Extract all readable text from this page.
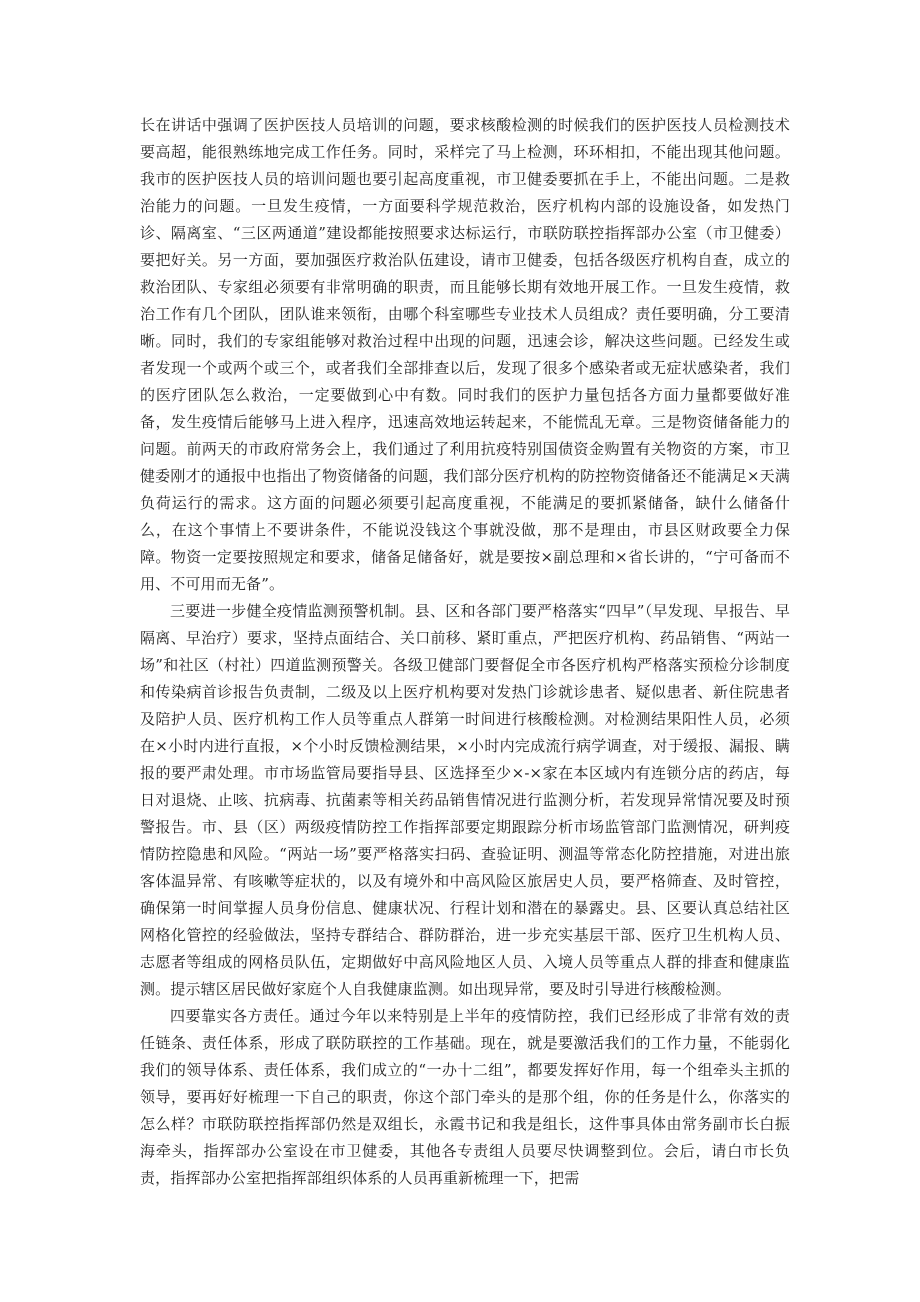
长在讲话中强调了医护医技人员培训的问题，要求核酸检测的时候我们的医护医技人员检测技术要高超，能很熟练地完成工作任务。同时，采样完了马上检测，环环相扣，不能出现其他问题。我市的医护医技人员的培训问题也要引起高度重视，市卫健委要抓在手上，不能出问题。二是救治能力的问题。一旦发生疫情，一方面要科学规范救治，医疗机构内部的设施设备，如发热门诊、隔离室、“三区两通道”建设都能按照要求达标运行，市联防联控指挥部办公室（市卫健委）要把好关。另一方面，要加强医疗救治队伍建设，请市卫健委，包括各级医疗机构自查，成立的救治团队、专家组必须要有非常明确的职责，而且能够长期有效地开展工作。一旦发生疫情，救治工作有几个团队，团队谁来领衔，由哪个科室哪些专业技术人员组成？责任要明确，分工要清晰。同时，我们的专家组能够对救治过程中出现的问题，迅速会诊，解决这些问题。已经发生或者发现一个或两个或三个，或者我们全部排查以后，发现了很多个感染者或无症状感染者，我们的医疗团队怎么救治，一定要做到心中有数。同时我们的医护力量包括各方面力量都要做好准备，发生疫情后能够马上进入程序，迅速高效地运转起来，不能慌乱无章。三是物资储备能力的问题。前两天的市政府常务会上，我们通过了利用抗疫特别国债资金购置有关物资的方案，市卫健委刚才的通报中也指出了物资储备的问题，我们部分医疗机构的防控物资储备还不能满足×天满负荷运行的需求。这方面的问题必须要引起高度重视，不能满足的要抓紧储备，缺什么储备什么，在这个事情上不要讲条件，不能说没钱这个事就没做，那不是理由，市县区财政要全力保障。物资一定要按照规定和要求，储备足储备好，就是要按×副总理和×省长讲的，“宁可备而不用、不可用而无备”。

三要进一步健全疫情监测预警机制。县、区和各部门要严格落实“四早”（早发现、早报告、早隔离、早治疗）要求，坚持点面结合、关口前移、紧盯重点，严把医疗机构、药品销售、“两站一场”和社区（村社）四道监测预警关。各级卫健部门要督促全市各医疗机构严格落实预检分诊制度和传染病首诊报告负责制，二级及以上医疗机构要对发热门诊就诊患者、疑似患者、新住院患者及陪护人员、医疗机构工作人员等重点人群第一时间进行核酸检测。对检测结果阳性人员，必须在×小时内进行直报，×个小时反馈检测结果，×小时内完成流行病学调查，对于缓报、漏报、瞒报的要严肃处理。市市场监管局要指导县、区选择至少×-×家在本区域内有连锁分店的药店，每日对退烧、止咳、抗病毒、抗菌素等相关药品销售情况进行监测分析，若发现异常情况要及时预警报告。市、县（区）两级疫情防控工作指挥部要定期跟踪分析市场监管部门监测情况，研判疫情防控隐患和风险。“两站一场”要严格落实扫码、查验证明、测温等常态化防控措施，对进出旅客体温异常、有咳嗽等症状的，以及有境外和中高风险区旅居史人员，要严格筛查、及时管控，确保第一时间掌握人员身份信息、健康状况、行程计划和潜在的暴露史。县、区要认真总结社区网格化管控的经验做法，坚持专群结合、群防群治，进一步充实基层干部、医疗卫生机构人员、志愿者等组成的网格员队伍，定期做好中高风险地区人员、入境人员等重点人群的排查和健康监测。提示辖区居民做好家庭个人自我健康监测。如出现异常，要及时引导进行核酸检测。

四要靠实各方责任。通过今年以来特别是上半年的疫情防控，我们已经形成了非常有效的责任链条、责任体系，形成了联防联控的工作基础。现在，就是要激活我们的工作力量，不能弱化我们的领导体系、责任体系，我们成立的“一办十二组”，都要发挥好作用，每一个组牵头主抓的领导，要再好好梳理一下自己的职责，你这个部门牵头的是那个组，你的任务是什么，你落实的怎么样？市联防联控指挥部仍然是双组长，永霞书记和我是组长，这件事具体由常务副市长白振海牵头，指挥部办公室设在市卫健委，其他各专责组人员要尽快调整到位。会后，请白市长负责，指挥部办公室把指挥部组织体系的人员再重新梳理一下，把需
